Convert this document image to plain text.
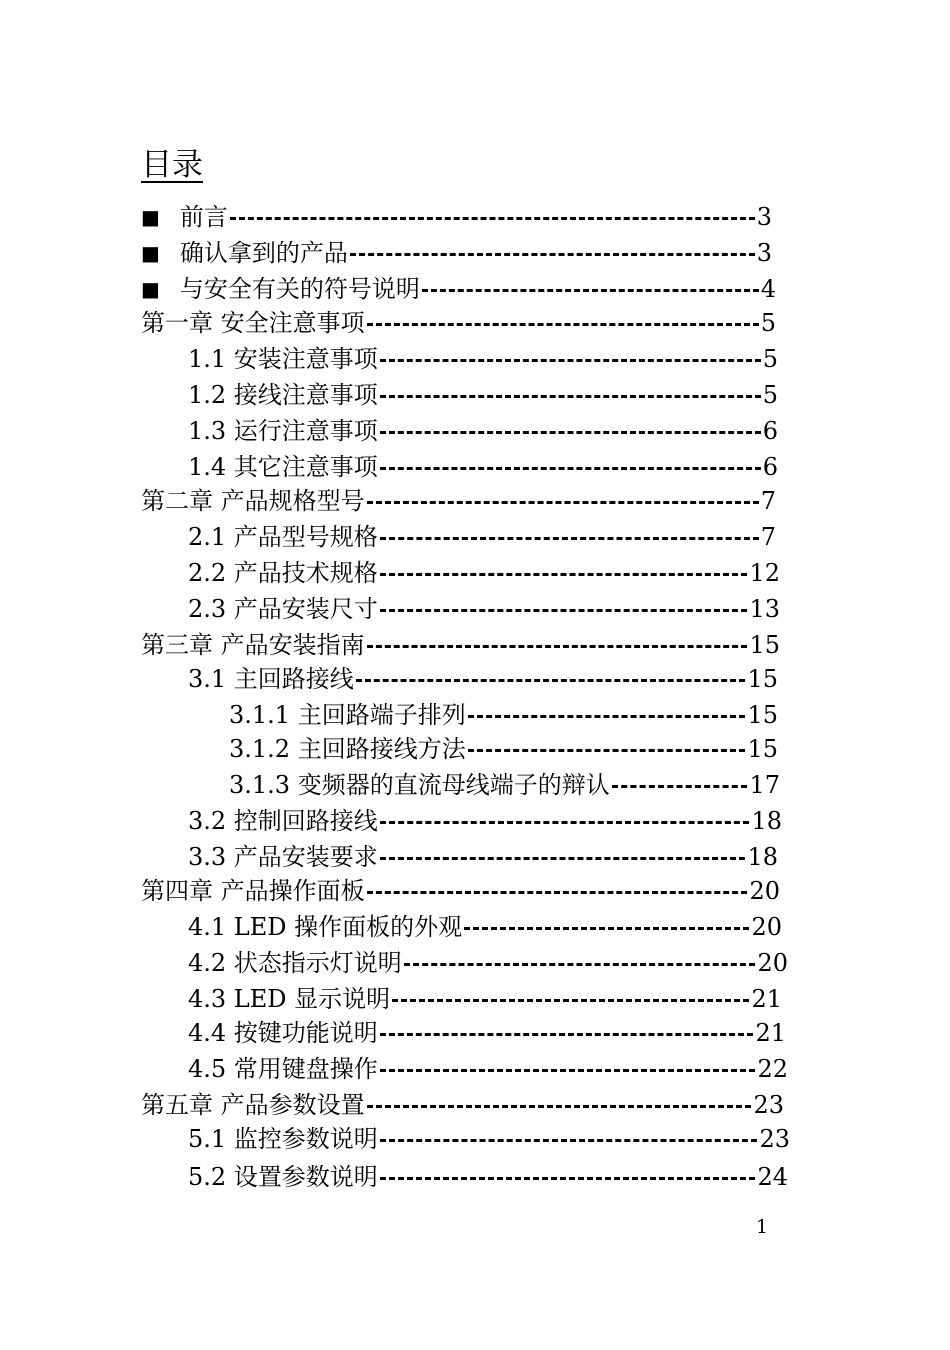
目录
■ 前言	3
■ 确认拿到的产品	3
■ 与安全有关的符号说明	4
第一章 安全注意事项	5
1.1 安装注意事项	5
1.2 接线注意事项	5
1.3 运行注意事项	6
1.4 其它注意事项	6
第二章 产品规格型号	7
2.1 产品型号规格	7
2.2 产品技术规格	12
2.3 产品安装尺寸	13
第三章 产品安装指南	15
3.1 主回路接线	15
3.1.1 主回路端子排列	15
3.1.2 主回路接线方法	15
3.1.3 变频器的直流母线端子的辩认	17
3.2 控制回路接线	18
3.3 产品安装要求	18
第四章 产品操作面板	20
4.1 LED 操作面板的外观	20
4.2 状态指示灯说明	20
4.3 LED 显示说明	21
4.4 按键功能说明	21
4.5 常用键盘操作	22
第五章 产品参数设置	23
5.1 监控参数说明	23
5.2 设置参数说明	24
1
